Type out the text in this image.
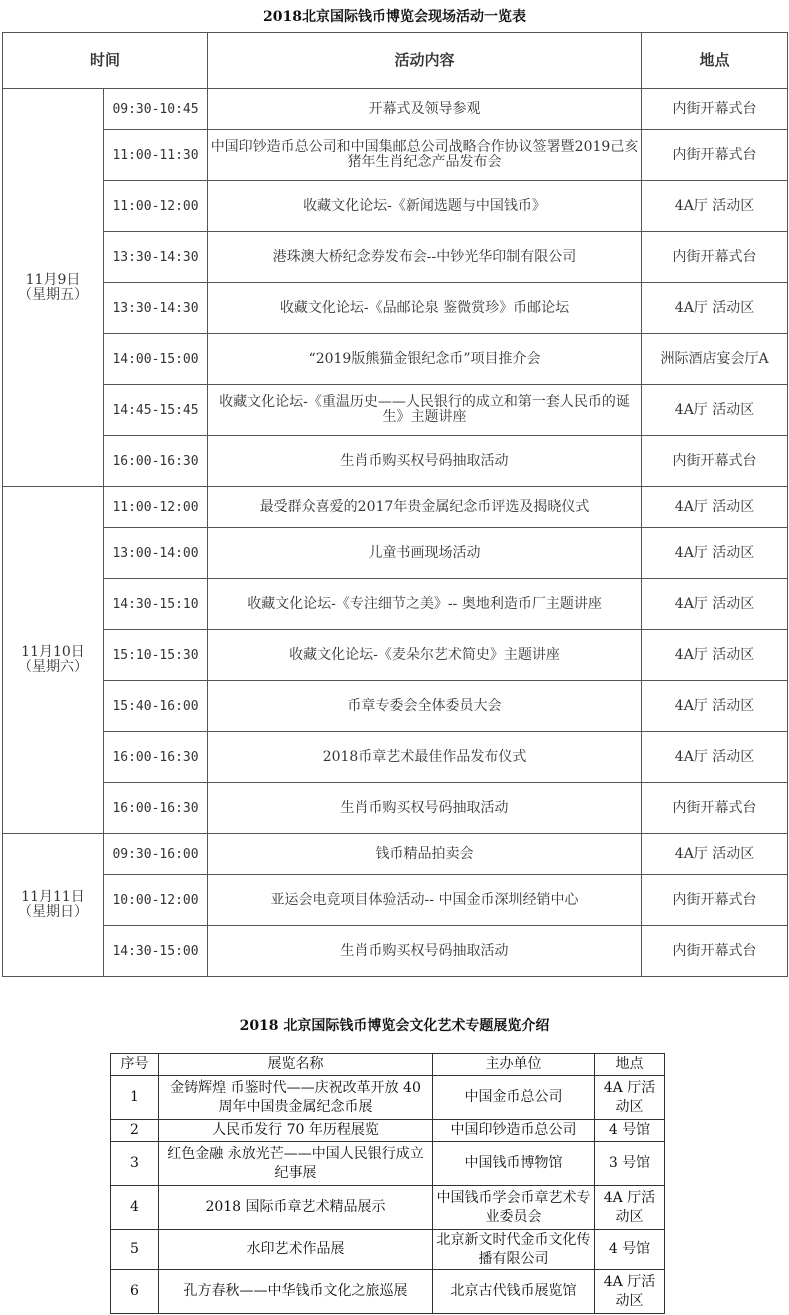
2018北京国际钱币博览会现场活动一览表
时间		活动内容	地点

11月9日
（星期五）	09:30-10:45	开幕式及领导参观	内街开幕式台
	11:00-11:30	中国印钞造币总公司和中国集邮总公司战略合作协议签署暨2019己亥猪年生肖纪念产品发布会	内街开幕式台
	11:00-12:00	收藏文化论坛-《新闻选题与中国钱币》	4A厅 活动区
	13:30-14:30	港珠澳大桥纪念券发布会--中钞光华印制有限公司	内街开幕式台
	13:30-14:30	收藏文化论坛-《品邮论泉 鉴微赏珍》币邮论坛	4A厅 活动区
	14:00-15:00	“2019版熊猫金银纪念币”项目推介会	洲际酒店宴会厅A
	14:45-15:45	收藏文化论坛-《重温历史——人民银行的成立和第一套人民币的诞生》主题讲座	4A厅 活动区
	16:00-16:30	生肖币购买权号码抽取活动	内街开幕式台

11月10日
（星期六）	11:00-12:00	最受群众喜爱的2017年贵金属纪念币评选及揭晓仪式	4A厅 活动区
	13:00-14:00	儿童书画现场活动	4A厅 活动区
	14:30-15:10	收藏文化论坛-《专注细节之美》-- 奥地利造币厂主题讲座	4A厅 活动区
	15:10-15:30	收藏文化论坛-《麦朵尔艺术简史》主题讲座	4A厅 活动区
	15:40-16:00	币章专委会全体委员大会	4A厅 活动区
	16:00-16:30	2018币章艺术最佳作品发布仪式	4A厅 活动区
	16:00-16:30	生肖币购买权号码抽取活动	内街开幕式台

11月11日
（星期日）	09:30-16:00	钱币精品拍卖会	4A厅 活动区
	10:00-12:00	亚运会电竞项目体验活动-- 中国金币深圳经销中心	内街开幕式台
	14:30-15:00	生肖币购买权号码抽取活动	内街开幕式台
2018 北京国际钱币博览会文化艺术专题展览介绍
序号	展览名称	主办单位	地点
1	金铸辉煌 币鉴时代——庆祝改革开放 40 周年中国贵金属纪念币展	中国金币总公司	4A 厅活动区
2	人民币发行 70 年历程展览	中国印钞造币总公司	4 号馆
3	红色金融 永放光芒——中国人民银行成立纪事展	中国钱币博物馆	3 号馆
4	2018 国际币章艺术精品展示	中国钱币学会币章艺术专业委员会	4A 厅活动区
5	水印艺术作品展	北京新文时代金币文化传播有限公司	4 号馆
6	孔方春秋——中华钱币文化之旅巡展	北京古代钱币展览馆	4A 厅活动区
